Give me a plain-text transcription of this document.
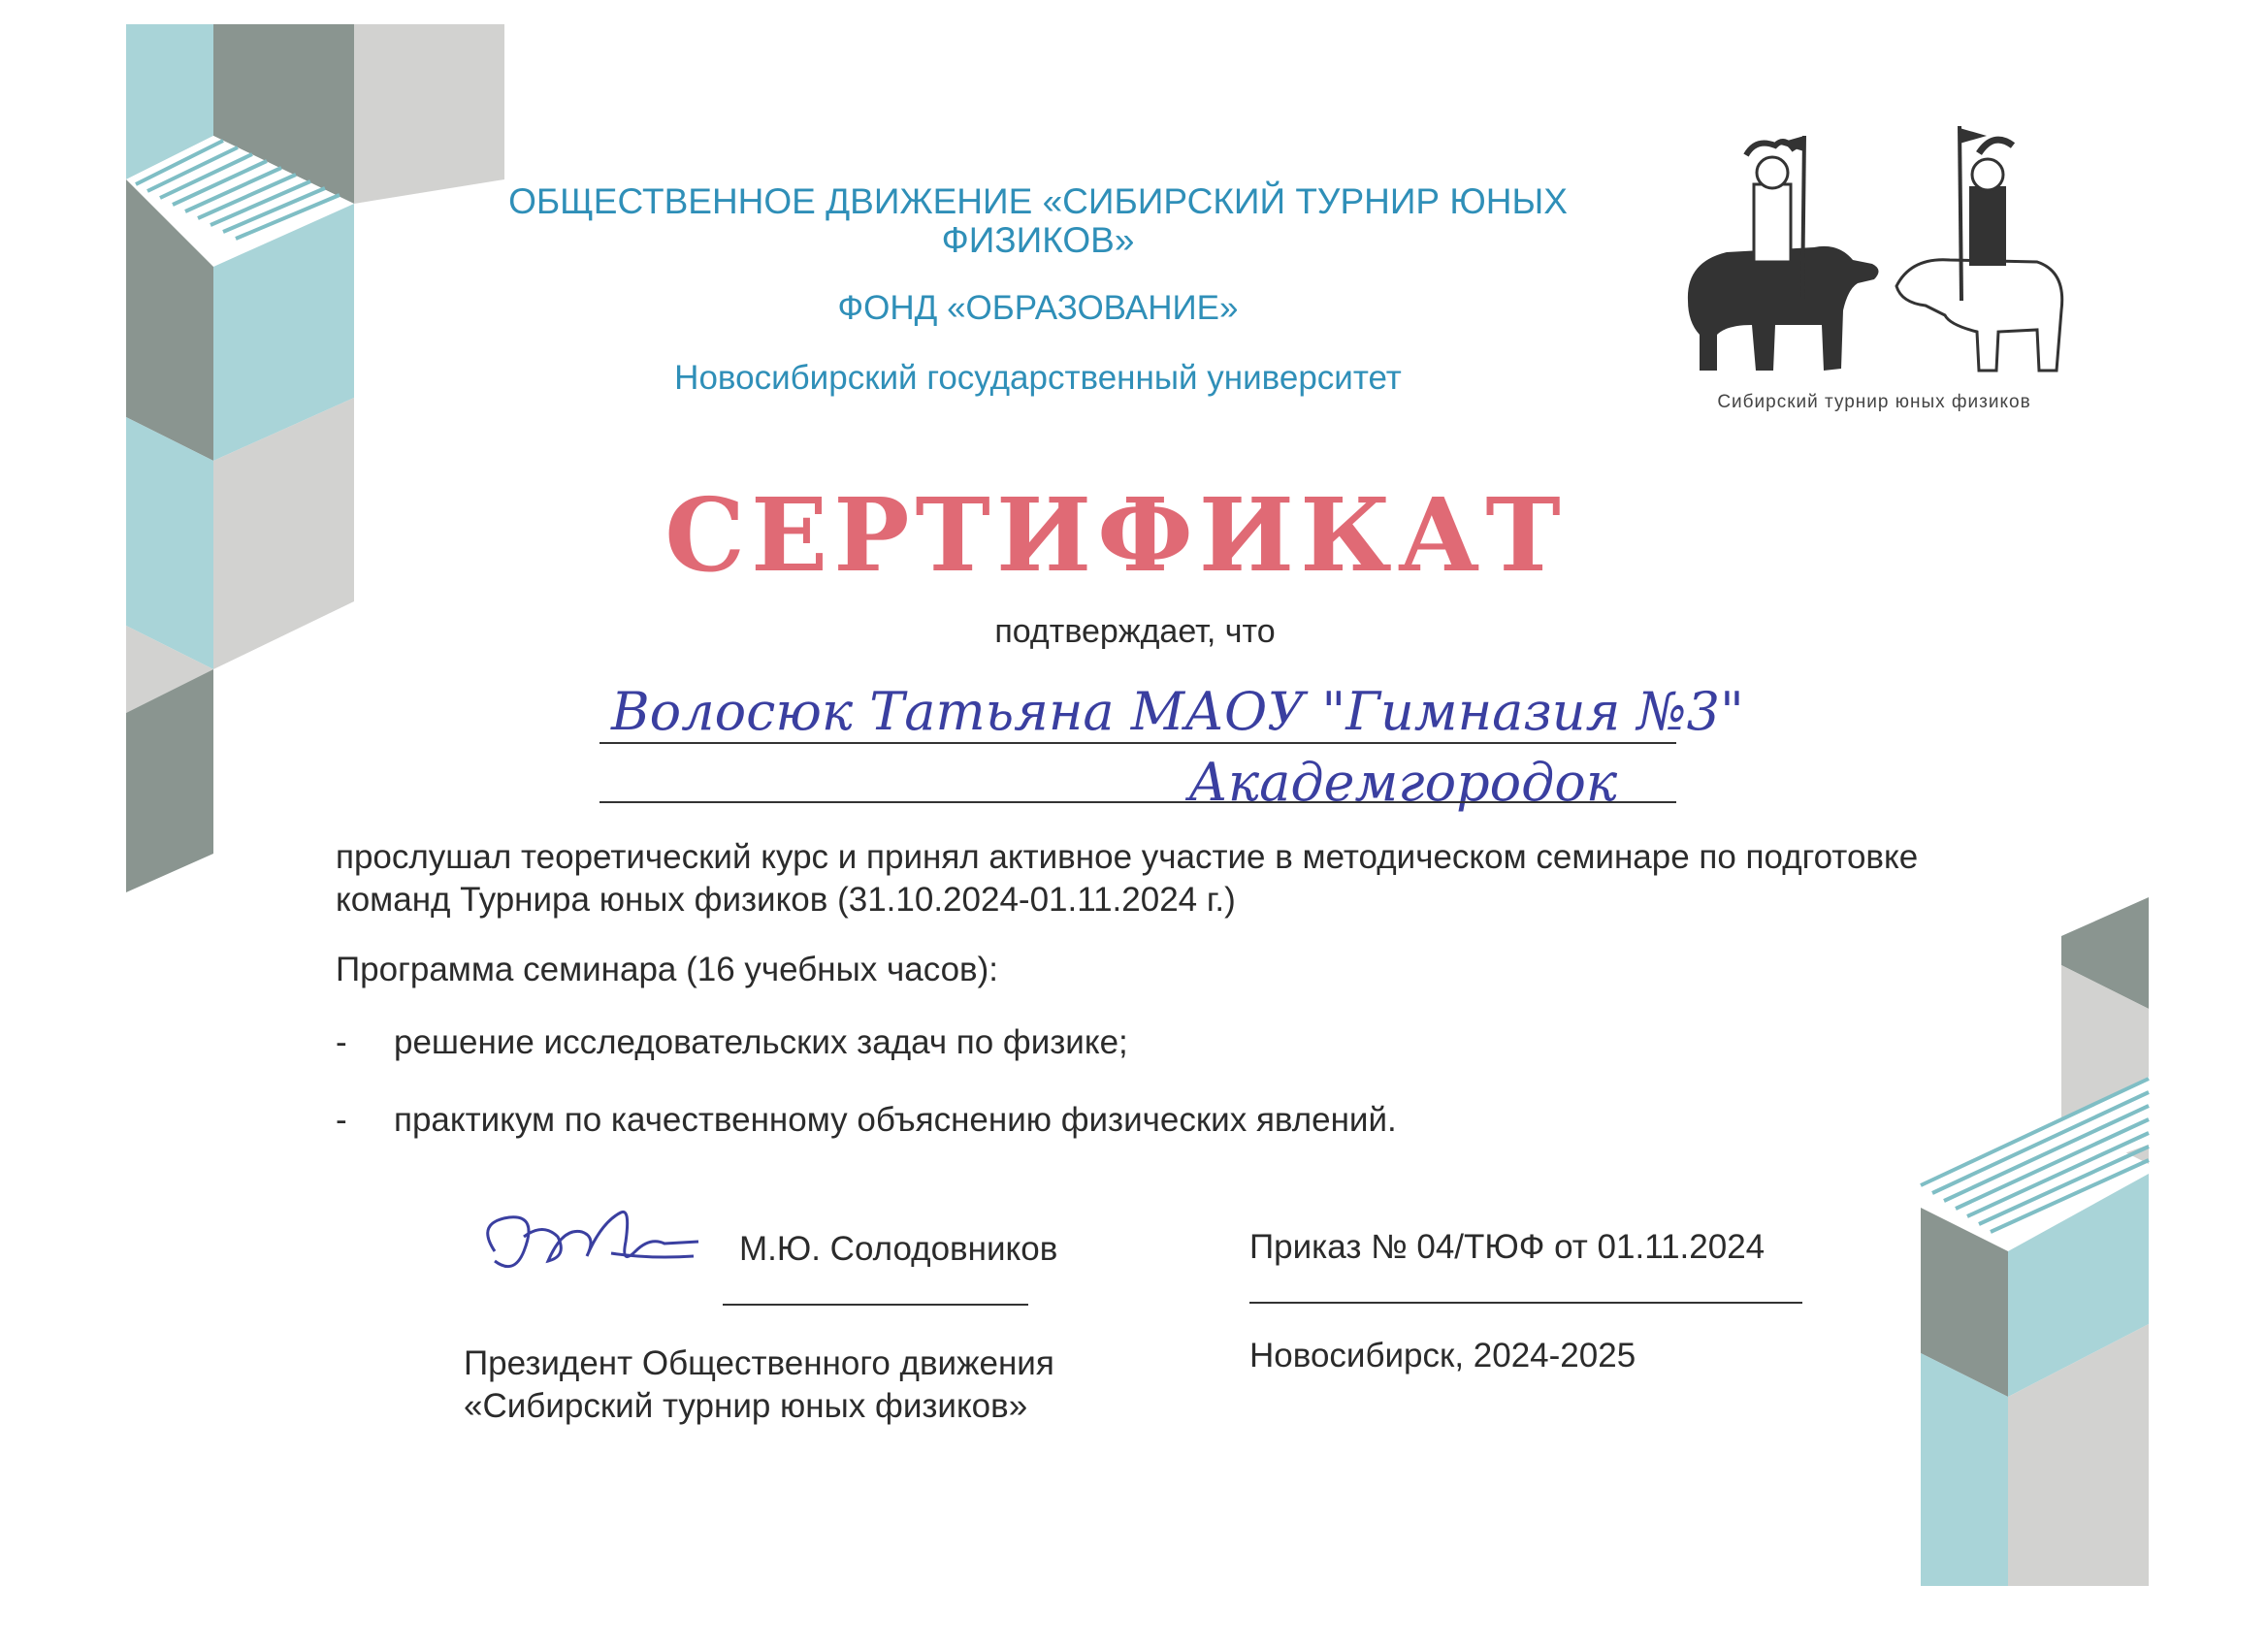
ОБЩЕСТВЕННОЕ ДВИЖЕНИЕ «СИБИРСКИЙ ТУРНИР ЮНЫХ ФИЗИКОВ»
ФОНД «ОБРАЗОВАНИЕ»
Новосибирский государственный университет
Сибирский турнир юных физиков
СЕРТИФИКАТ
подтверждает, что
Волосюк Татьяна МАОУ "Гимназия №3"
Академгородок
прослушал теоретический курс и принял активное участие в методическом семинаре по подготовке команд Турнира юных физиков (31.10.2024-01.11.2024 г.)
Программа семинара (16 учебных часов):
- решение исследовательских задач по физике;
- практикум по качественному объяснению физических явлений.
М.Ю. Солодовников
Президент Общественного движения
«Сибирский турнир юных физиков»
Приказ № 04/ТЮФ от 01.11.2024
Новосибирск, 2024-2025
